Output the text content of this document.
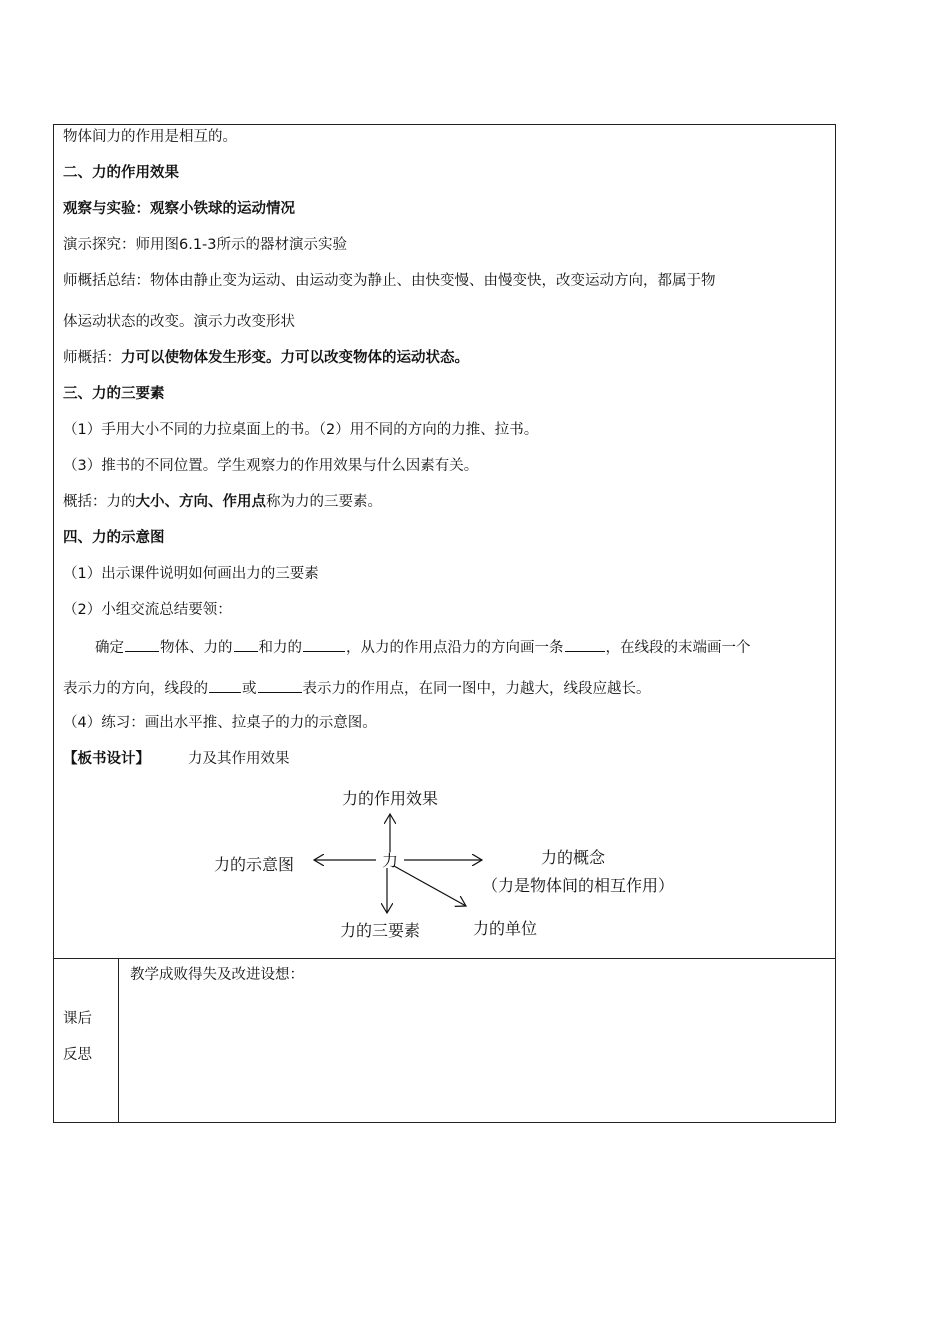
物体间力的作用是相互的。
二、力的作用效果
观察与实验：观察小铁球的运动情况
演示探究：师用图6.1-3所示的器材演示实验
师概括总结：物体由静止变为运动、由运动变为静止、由快变慢、由慢变快，改变运动方向，都属于物
体运动状态的改变。演示力改变形状
师概括：力可以使物体发生形变。力可以改变物体的运动状态。
三、力的三要素
（1）手用大小不同的力拉桌面上的书。（2）用不同的方向的力推、拉书。
（3）推书的不同位置。学生观察力的作用效果与什么因素有关。
概括：力的大小、方向、作用点称为力的三要素。
四、力的示意图
（1）出示课件说明如何画出力的三要素
（2）小组交流总结要领：
确定 物体、力的 和力的	，从力的作用点沿力的方向画一条	，在线段的末端画一个
表示力的方向，线段的 或	表示力的作用点，在同一图中，力越大，线段应越长。
（4）练习：画出水平推、拉桌子的力的示意图。
【板书设计】	力及其作用效果
力
力的作用效果
力的示意图	力的概念
（力是物体间的相互作用）
力的三要素	力的单位
课后
反思
教学成败得失及改进设想：
